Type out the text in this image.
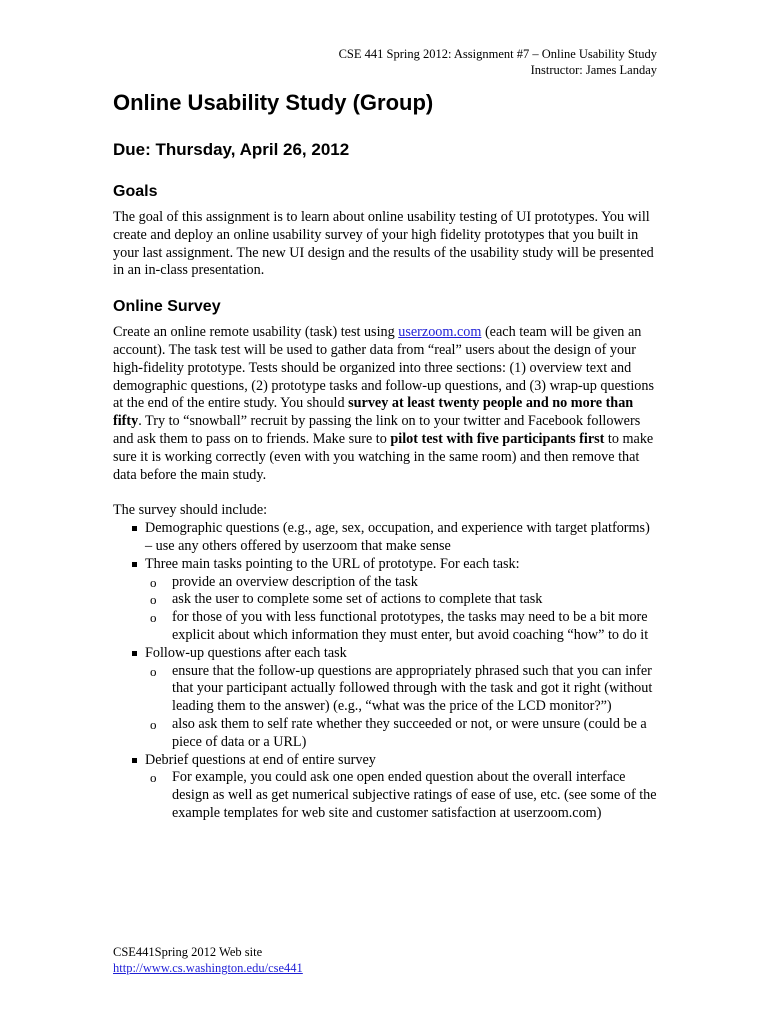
CSE 441 Spring 2012: Assignment #7 – Online Usability Study
Instructor: James Landay
Online Usability Study (Group)
Due: Thursday, April 26, 2012
Goals

The goal of this assignment is to learn about online usability testing of UI prototypes. You will create and deploy an online usability survey of your high fidelity prototypes that you built in your last assignment. The new UI design and the results of the usability study will be presented in an in-class presentation.

Online Survey

Create an online remote usability (task) test using userzoom.com (each team will be given an account). The task test will be used to gather data from “real” users about the design of your high-fidelity prototype. Tests should be organized into three sections: (1) overview text and demographic questions, (2) prototype tasks and follow-up questions, and (3) wrap-up questions at the end of the entire study. You should survey at least twenty people and no more than fifty. Try to “snowball” recruit by passing the link on to your twitter and Facebook followers and ask them to pass on to friends. Make sure to pilot test with five participants first to make sure it is working correctly (even with you watching in the same room) and then remove that data before the main study.

The survey should include:

Demographic questions (e.g., age, sex, occupation, and experience with target platforms) – use any others offered by userzoom that make sense
Three main tasks pointing to the URL of prototype. For each task:
o provide an overview description of the task
o ask the user to complete some set of actions to complete that task
o for those of you with less functional prototypes, the tasks may need to be a bit more explicit about which information they must enter, but avoid coaching “how” to do it
Follow-up questions after each task
o ensure that the follow-up questions are appropriately phrased such that you can infer that your participant actually followed through with the task and got it right (without leading them to the answer) (e.g., “what was the price of the LCD monitor?”)
o also ask them to self rate whether they succeeded or not, or were unsure (could be a piece of data or a URL)
Debrief questions at end of entire survey
o For example, you could ask one open ended question about the overall interface design as well as get numerical subjective ratings of ease of use, etc. (see some of the example templates for web site and customer satisfaction at userzoom.com)
CSE441Spring 2012 Web site
http://www.cs.washington.edu/cse441
